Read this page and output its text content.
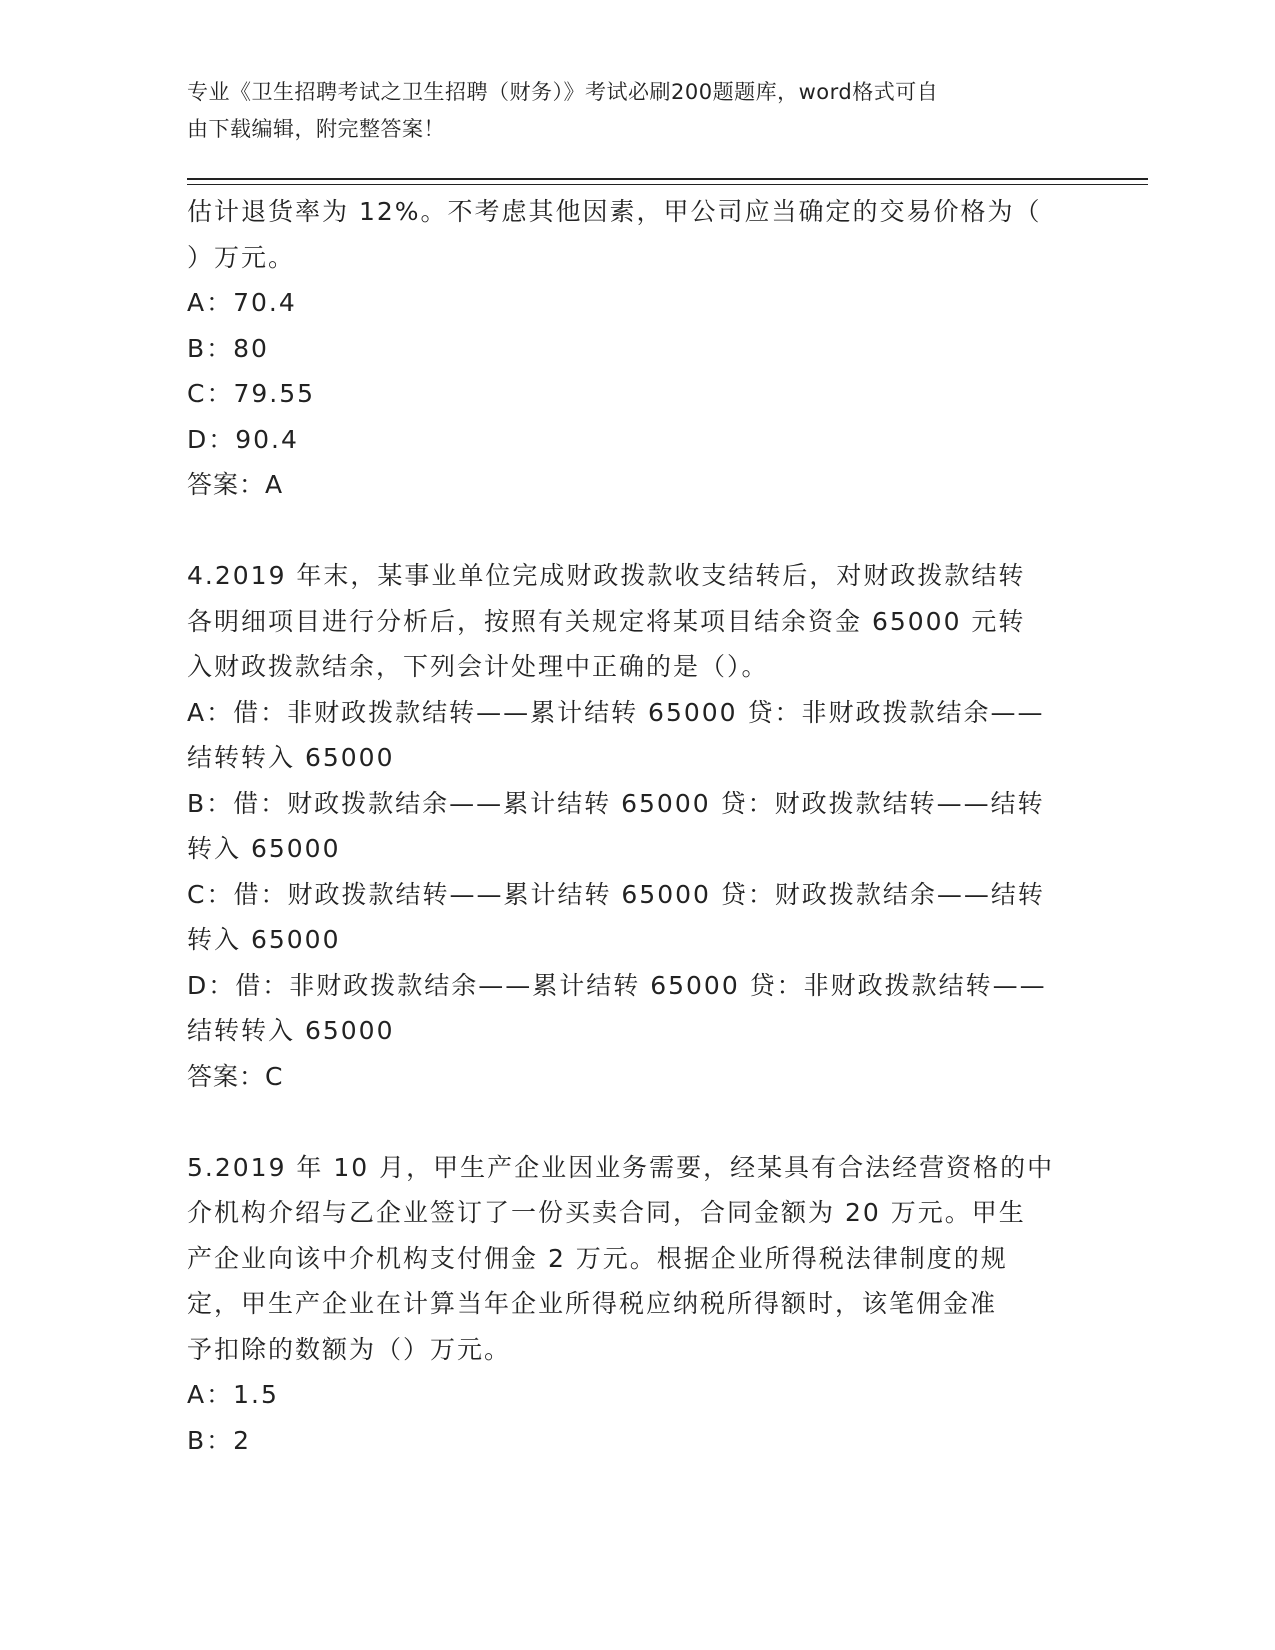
专业《卫生招聘考试之卫生招聘（财务）》考试必刷200题题库，word格式可自
由下载编辑，附完整答案！
估计退货率为 12%。不考虑其他因素，甲公司应当确定的交易价格为（
）万元。
A：70.4
B：80
C：79.55
D：90.4
答案：A
4.2019 年末，某事业单位完成财政拨款收支结转后，对财政拨款结转
各明细项目进行分析后，按照有关规定将某项目结余资金 65000 元转
入财政拨款结余，下列会计处理中正确的是（）。
A：借：非财政拨款结转——累计结转 65000 贷：非财政拨款结余——
结转转入 65000
B：借：财政拨款结余——累计结转 65000 贷：财政拨款结转——结转
转入 65000
C：借：财政拨款结转——累计结转 65000 贷：财政拨款结余——结转
转入 65000
D：借：非财政拨款结余——累计结转 65000 贷：非财政拨款结转——
结转转入 65000
答案：C
5.2019 年 10 月，甲生产企业因业务需要，经某具有合法经营资格的中
介机构介绍与乙企业签订了一份买卖合同，合同金额为 20 万元。甲生
产企业向该中介机构支付佣金 2 万元。根据企业所得税法律制度的规
定，甲生产企业在计算当年企业所得税应纳税所得额时，该笔佣金准
予扣除的数额为（）万元。
A：1.5
B：2
